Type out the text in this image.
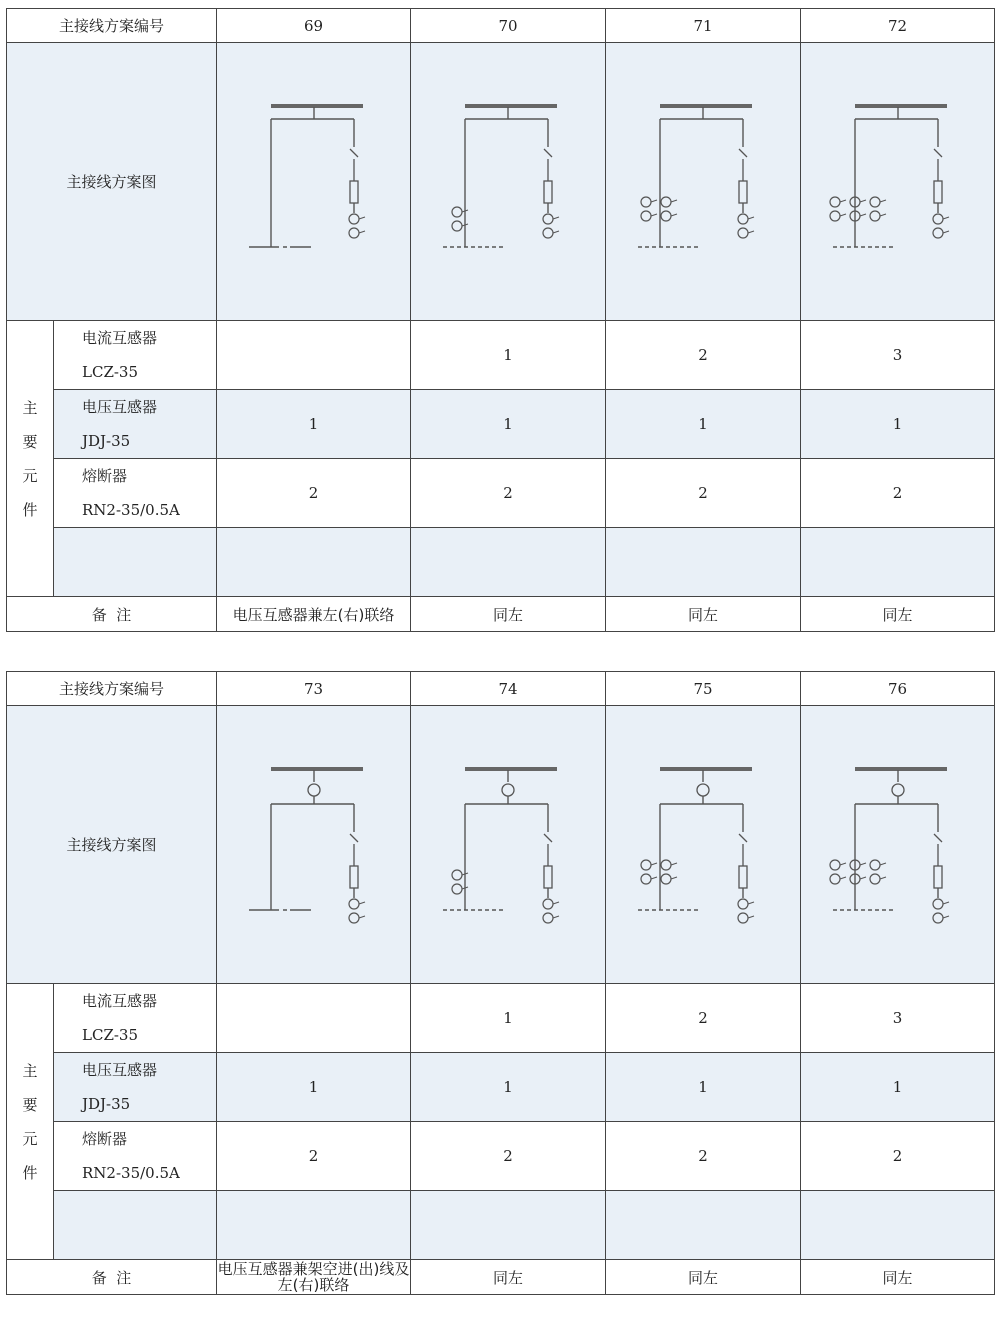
主接线方案编号		69	70	71	72
主接线方案图	

主
要
元
件	电流互感器
LCZ-35		1	2	3

	电压互感器
JDJ-35	1	1	1	1

	熔断器
RN2-35/0.5A	2	2	2	2

备  注		电压互感器兼左(右)联络	同左	同左	同左
主接线方案编号		73	74	75	76
主接线方案图	

主
要
元
件	电流互感器
LCZ-35		1	2	3

	电压互感器
JDJ-35	1	1	1	1

	熔断器
RN2-35/0.5A	2	2	2	2

备  注		电压互感器兼架空进(出)线及左(右)联络	同左	同左	同左
